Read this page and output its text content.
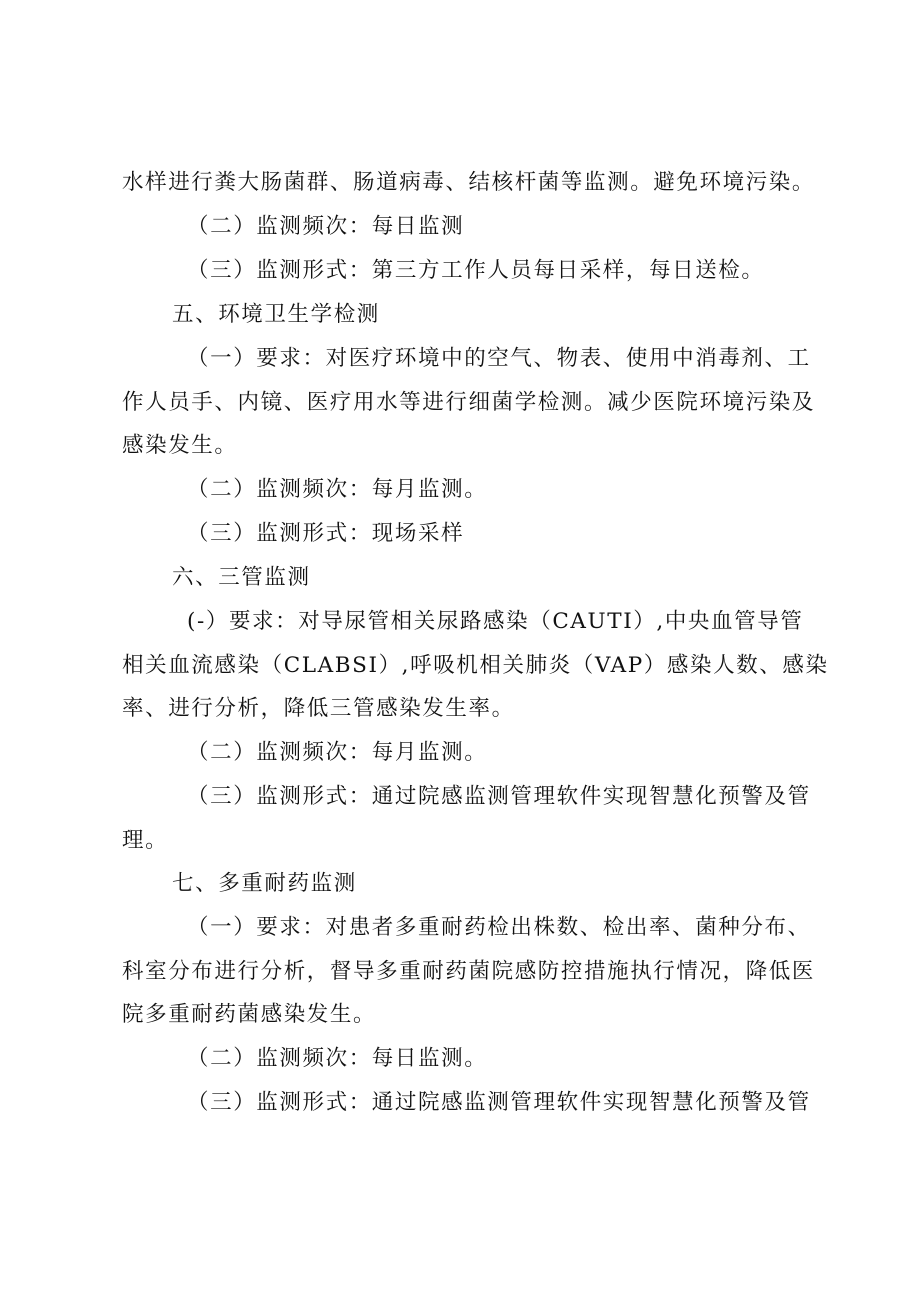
水样进行粪大肠菌群、肠道病毒、结核杆菌等监测。避免环境污染。
（二）监测频次：每日监测
（三）监测形式：第三方工作人员每日采样，每日送检。
五、环境卫生学检测
（一）要求：对医疗环境中的空气、物表、使用中消毒剂、工
作人员手、内镜、医疗用水等进行细菌学检测。减少医院环境污染及
感染发生。
（二）监测频次：每月监测。
（三）监测形式：现场采样
六、三管监测
(-）要求：对导尿管相关尿路感染（CAUTI）,中央血管导管
相关血流感染（CLABSI）,呼吸机相关肺炎（VAP）感染人数、感染
率、进行分析，降低三管感染发生率。
（二）监测频次：每月监测。
（三）监测形式：通过院感监测管理软件实现智慧化预警及管
理。
七、多重耐药监测
（一）要求：对患者多重耐药检出株数、检出率、菌种分布、
科室分布进行分析，督导多重耐药菌院感防控措施执行情况，降低医
院多重耐药菌感染发生。
（二）监测频次：每日监测。
（三）监测形式：通过院感监测管理软件实现智慧化预警及管
